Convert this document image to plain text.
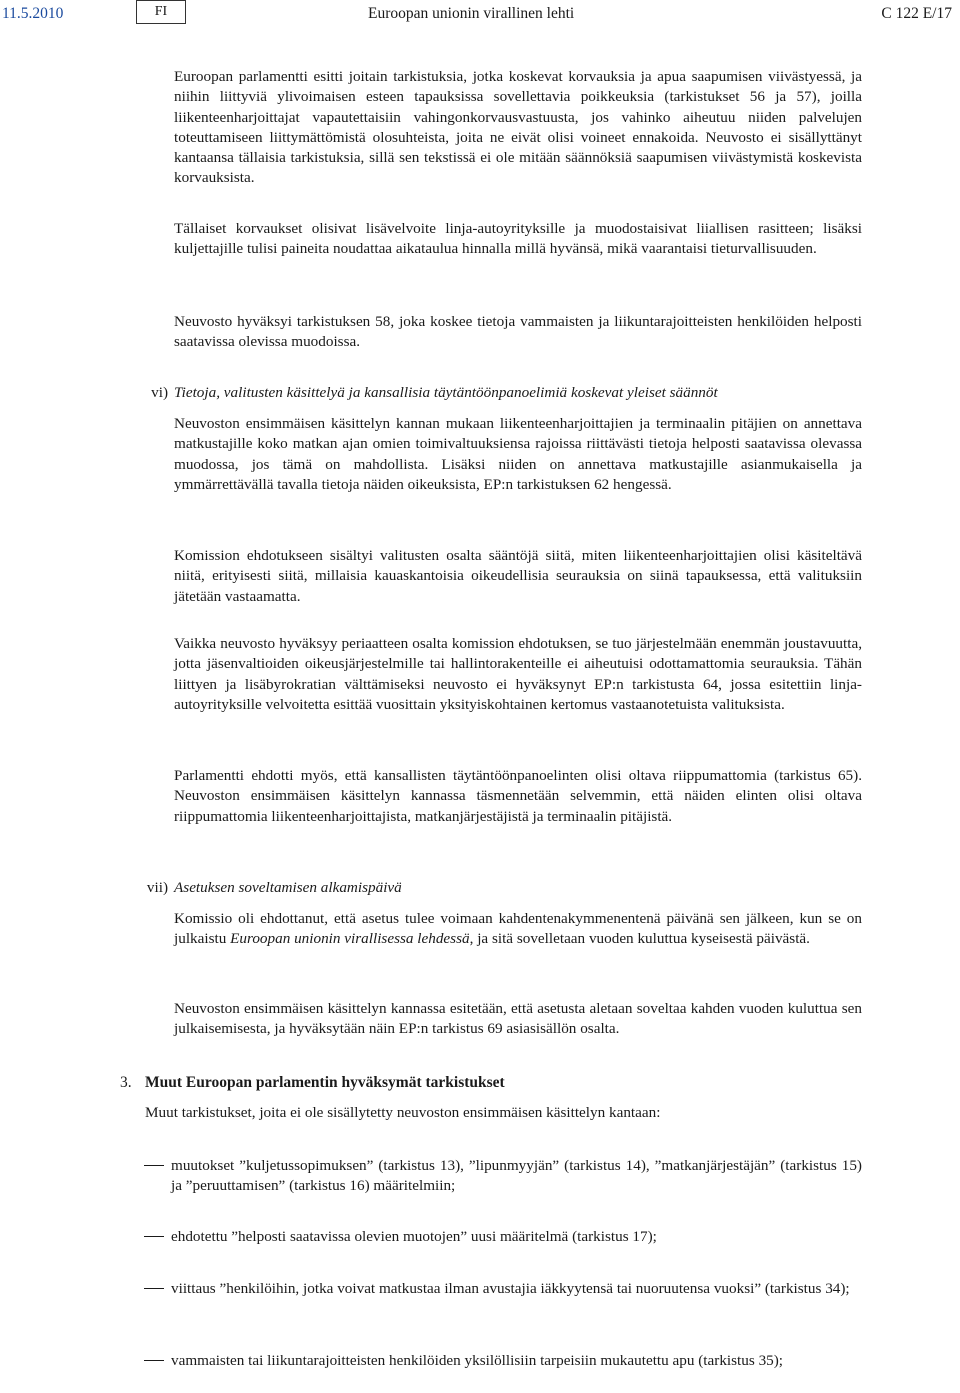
11.5.2010	FI	Euroopan unionin virallinen lehti	C 122 E/17

Euroopan parlamentti esitti joitain tarkistuksia, jotka koskevat korvauksia ja apua saapumisen viivästyessä, ja niihin liittyviä ylivoimaisen esteen tapauksissa sovellettavia poikkeuksia (tarkistukset 56 ja 57), joilla liikenteenharjoittajat vapautettaisiin vahingonkorvausvastuusta, jos vahinko aiheutuu niiden palvelujen toteuttamiseen liittymättömistä olosuhteista, joita ne eivät olisi voineet ennakoida. Neuvosto ei sisällyttänyt kantaansa tällaisia tarkistuksia, sillä sen tekstissä ei ole mitään säännöksiä saapumisen viivästymistä koskevista korvauksista.

Tällaiset korvaukset olisivat lisävelvoite linja-autoyrityksille ja muodostaisivat liiallisen rasitteen; lisäksi kuljettajille tulisi paineita noudattaa aikataulua hinnalla millä hyvänsä, mikä vaarantaisi tieturvallisuuden.

Neuvosto hyväksyi tarkistuksen 58, joka koskee tietoja vammaisten ja liikuntarajoitteisten henkilöiden helposti saatavissa olevissa muodoissa.

vi) Tietoja, valitusten käsittelyä ja kansallisia täytäntöönpanoelimiä koskevat yleiset säännöt

Neuvoston ensimmäisen käsittelyn kannan mukaan liikenteenharjoittajien ja terminaalin pitäjien on annettava matkustajille koko matkan ajan omien toimivaltuuksiensa rajoissa riittävästi tietoja helposti saatavissa olevassa muodossa, jos tämä on mahdollista. Lisäksi niiden on annettava matkustajille asianmukaisella ja ymmärrettävällä tavalla tietoja näiden oikeuksista, EP:n tarkistuksen 62 hengessä.

Komission ehdotukseen sisältyi valitusten osalta sääntöjä siitä, miten liikenteenharjoittajien olisi käsiteltävä niitä, erityisesti siitä, millaisia kauaskantoisia oikeudellisia seurauksia on siinä tapauksessa, että valituksiin jätetään vastaamatta.

Vaikka neuvosto hyväksyy periaatteen osalta komission ehdotuksen, se tuo järjestelmään enemmän joustavuutta, jotta jäsenvaltioiden oikeusjärjestelmille tai hallintorakenteille ei aiheutuisi odottamattomia seurauksia. Tähän liittyen ja lisäbyrokratian välttämiseksi neuvosto ei hyväksynyt EP:n tarkistusta 64, jossa esitettiin linja-autoyrityksille velvoitetta esittää vuosittain yksityiskohtainen kertomus vastaanotetuista valituksista.

Parlamentti ehdotti myös, että kansallisten täytäntöönpanoelinten olisi oltava riippumattomia (tarkistus 65). Neuvoston ensimmäisen käsittelyn kannassa täsmennetään selvemmin, että näiden elinten olisi oltava riippumattomia liikenteenharjoittajista, matkanjärjestäjistä ja terminaalin pitäjistä.

vii) Asetuksen soveltamisen alkamispäivä

Komissio oli ehdottanut, että asetus tulee voimaan kahdentenakymmenentenä päivänä sen jälkeen, kun se on julkaistu Euroopan unionin virallisessa lehdessä, ja sitä sovelletaan vuoden kuluttua kyseisestä päivästä.

Neuvoston ensimmäisen käsittelyn kannassa esitetään, että asetusta aletaan soveltaa kahden vuoden kuluttua sen julkaisemisesta, ja hyväksytään näin EP:n tarkistus 69 asiasisällön osalta.

3. Muut Euroopan parlamentin hyväksymät tarkistukset
Muut tarkistukset, joita ei ole sisällytetty neuvoston ensimmäisen käsittelyn kantaan:

muutokset ”kuljetussopimuksen” (tarkistus 13), ”lipunmyyjän” (tarkistus 14), ”matkanjärjestäjän” (tarkistus 15) ja ”peruuttamisen” (tarkistus 16) määritelmiin;

ehdotettu ”helposti saatavissa olevien muotojen” uusi määritelmä (tarkistus 17);

viittaus ”henkilöihin, jotka voivat matkustaa ilman avustajia iäkkyytensä tai nuoruutensa vuoksi” (tarkistus 34);

vammaisten tai liikuntarajoitteisten henkilöiden yksilöllisiin tarpeisiin mukautettu apu (tarkistus 35);
